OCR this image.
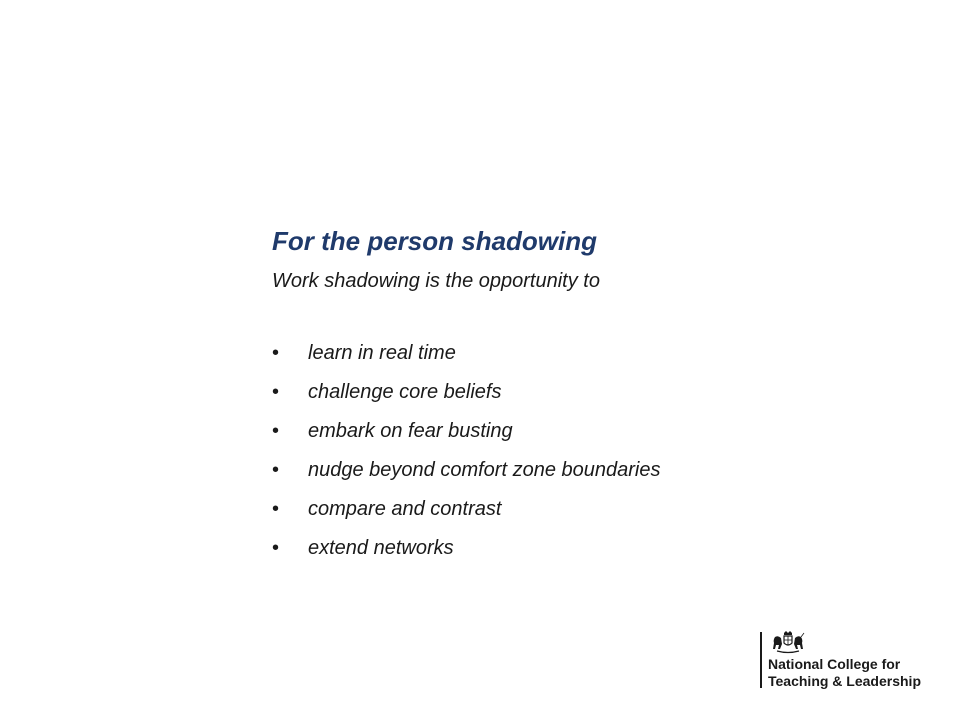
For the person shadowing

Work shadowing is the opportunity to

• learn in real time
• challenge core beliefs
• embark on fear busting
• nudge beyond comfort zone boundaries
• compare and contrast
• extend networks
National College for
Teaching & Leadership
